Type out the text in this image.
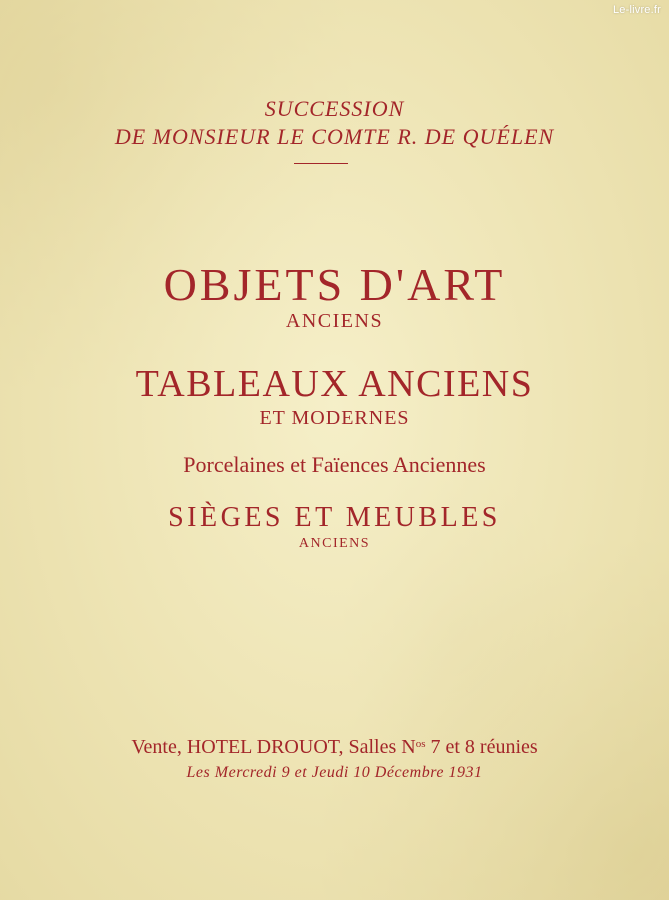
Le-livre.fr
SUCCESSION
DE MONSIEUR LE COMTE R. DE QUÉLEN
OBJETS D'ART
ANCIENS
TABLEAUX ANCIENS
ET MODERNES
Porcelaines et Faïences Anciennes
SIÈGES ET MEUBLES
ANCIENS
Vente, HOTEL DROUOT, Salles $N^{os}$ 7 et 8 réunies
Les Mercredi 9 et Jeudi 10 Décembre 1931
